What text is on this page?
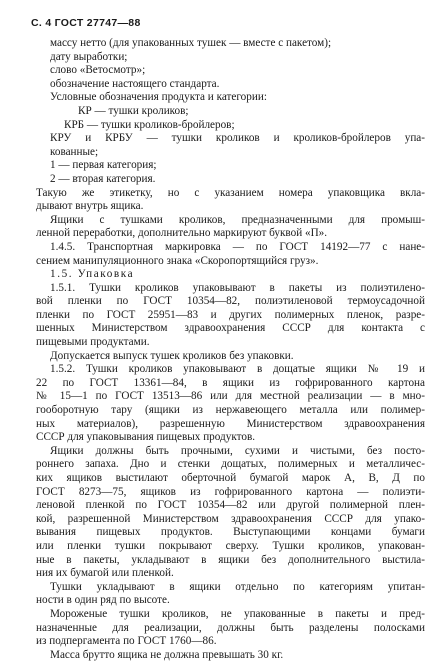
С. 4 ГОСТ 27747—88

массу нетто (для упакованных тушек — вместе с пакетом);

дату выработки;

слово «Ветосмотр»;

обозначение настоящего стандарта.

Условные обозначения продукта и категории:

КР — тушки кроликов;

КРБ — тушки кроликов-бройлеров;

КРУ и КРБУ — тушки кроликов и кроликов-бройлеров упа-

кованные;

1 — первая категория;

2 — вторая категория.

Такую же этикетку, но с указанием номера упаковщика вкла-

дывают внутрь ящика.

Ящики с тушками кроликов, предназначенными для промыш-

ленной переработки, дополнительно маркируют буквой «П».

1.4.5. Транспортная маркировка — по ГОСТ 14192—77 с нане-

сением манипуляционного знака «Скоропортящийся груз».

1.5. Упаковка

1.5.1. Тушки кроликов упаковывают в пакеты из полиэтилено-

вой пленки по ГОСТ 10354—82, полиэтиленовой термоусадочной

пленки по ГОСТ 25951—83 и других полимерных пленок, разре-

шенных Министерством здравоохранения СССР для контакта с

пищевыми продуктами.

Допускается выпуск тушек кроликов без упаковки.

1.5.2. Тушки кроликов упаковывают в дощатые ящики № 19 и

22 по ГОСТ 13361—84, в ящики из гофрированного картона

№ 15—1 по ГОСТ 13513—86 или для местной реализации — в мно-

гооборотную тару (ящики из нержавеющего металла или полимер-

ных материалов), разрешенную Министерством здравоохранения

СССР для упаковывания пищевых продуктов.

Ящики должны быть прочными, сухими и чистыми, без посто-

роннего запаха. Дно и стенки дощатых, полимерных и металличес-

ких ящиков выстилают оберточной бумагой марок А, В, Д по

ГОСТ 8273—75, ящиков из гофрированного картона — полиэти-

леновой пленкой по ГОСТ 10354—82 или другой полимерной плен-

кой, разрешенной Министерством здравоохранения СССР для упако-

вывания пищевых продуктов. Выступающими концами бумаги

или пленки тушки покрывают сверху. Тушки кроликов, упакован-

ные в пакеты, укладывают в ящики без дополнительного выстила-

ния их бумагой или пленкой.

Тушки укладывают в ящики отдельно по категориям упитан-

ности в один ряд по высоте.

Мороженые тушки кроликов, не упакованные в пакеты и пред-

назначенные для реализации, должны быть разделены полосками

из подпергамента по ГОСТ 1760—86.

Масса брутто ящика не должна превышать 30 кг.
